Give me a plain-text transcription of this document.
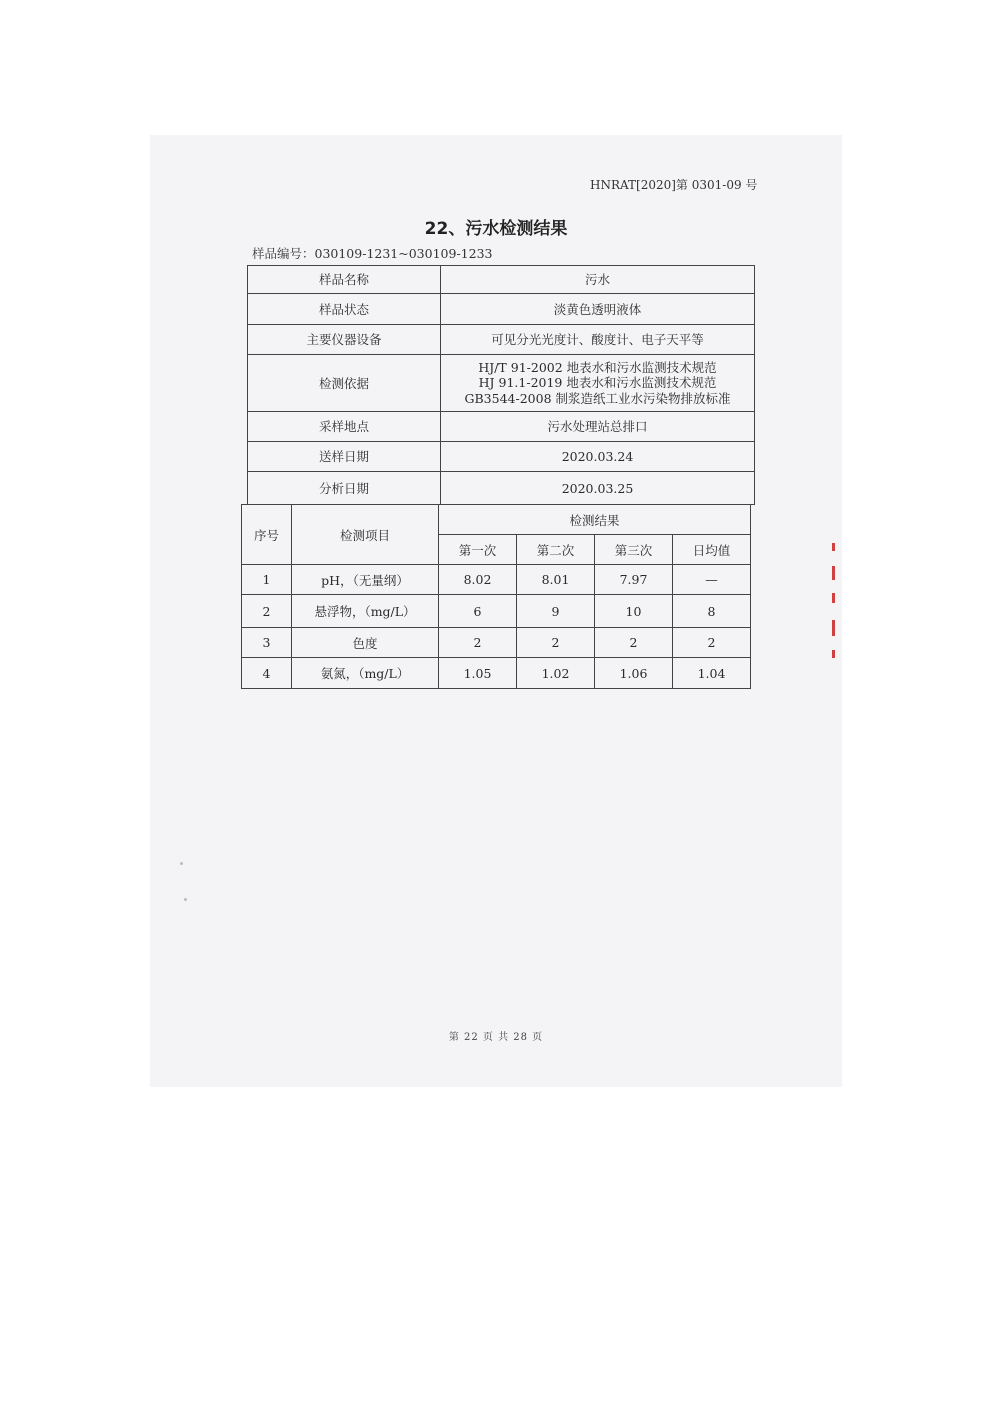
HNRAT[2020]第 0301-09 号
22、污水检测结果
样品编号：030109-1231~030109-1233
样品名称	污水
样品状态	淡黄色透明液体
主要仪器设备	可见分光光度计、酸度计、电子天平等
检测依据	HJ/T 91-2002 地表水和污水监测技术规范
HJ 91.1-2019 地表水和污水监测技术规范
GB3544-2008 制浆造纸工业水污染物排放标准

采样地点	污水处理站总排口
送样日期	2020.03.24
分析日期	2020.03.25
序号	检测项目	检测结果			
		第一次	第二次	第三次	日均值
1	pH，（无量纲）	8.02	8.01	7.97	—
2	悬浮物，（mg/L）	6	9	10	8
3	色度	2	2	2	2
4	氨氮，（mg/L）	1.05	1.02	1.06	1.04
第 22 页 共 28 页
